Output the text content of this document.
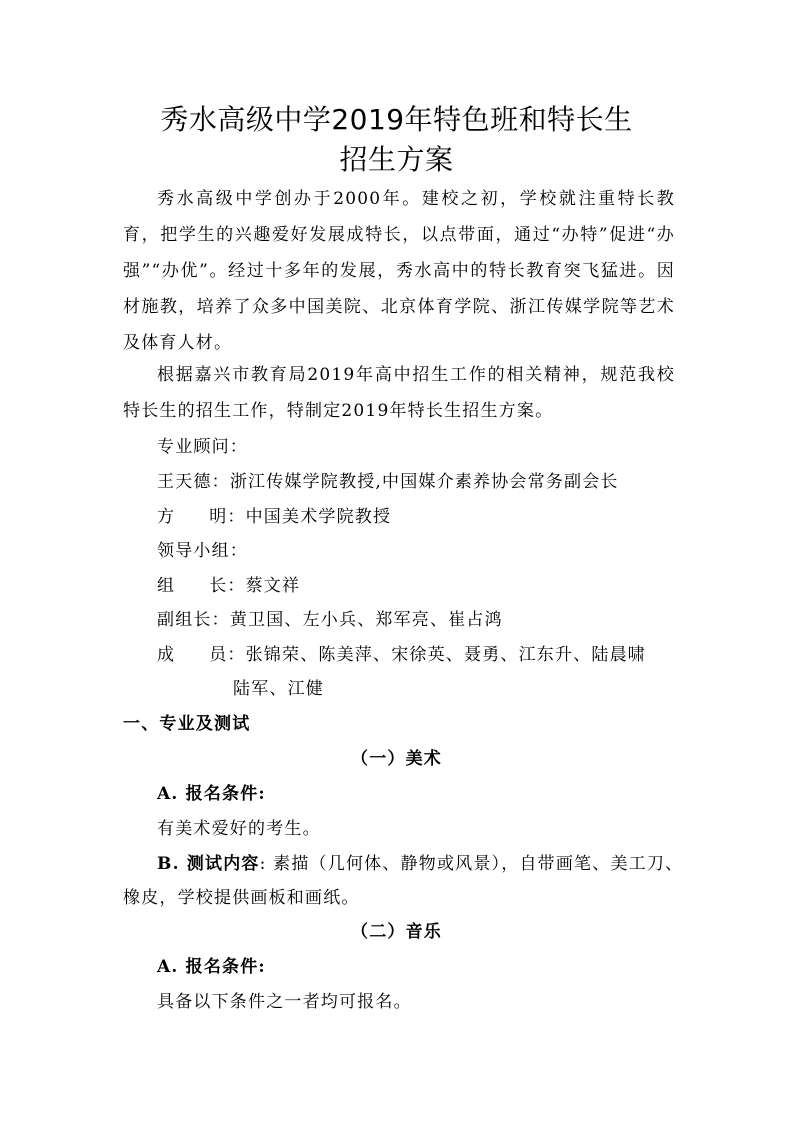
秀水高级中学2019年特色班和特长生
招生方案
秀水高级中学创办于2000年。建校之初，学校就注重特长教育，把学生的兴趣爱好发展成特长，以点带面，通过“办特”促进“办强”“办优”。经过十多年的发展，秀水高中的特长教育突飞猛进。因材施教，培养了众多中国美院、北京体育学院、浙江传媒学院等艺术及体育人材。
根据嘉兴市教育局2019年高中招生工作的相关精神，规范我校特长生的招生工作，特制定2019年特长生招生方案。
专业顾问：
王天德：浙江传媒学院教授,中国媒介素养协会常务副会长
方 明：中国美术学院教授
领导小组：
组 长：蔡文祥
副组长：黄卫国、左小兵、郑军亮、崔占鸿
成 员：张锦荣、陈美萍、宋徐英、聂勇、江东升、陆晨啸
陆军、江健
一、专业及测试
（一）美术
A. 报名条件:
有美术爱好的考生。
B. 测试内容: 素描（几何体、静物或风景），自带画笔、美工刀、
橡皮，学校提供画板和画纸。
（二）音乐
A. 报名条件:
具备以下条件之一者均可报名。
